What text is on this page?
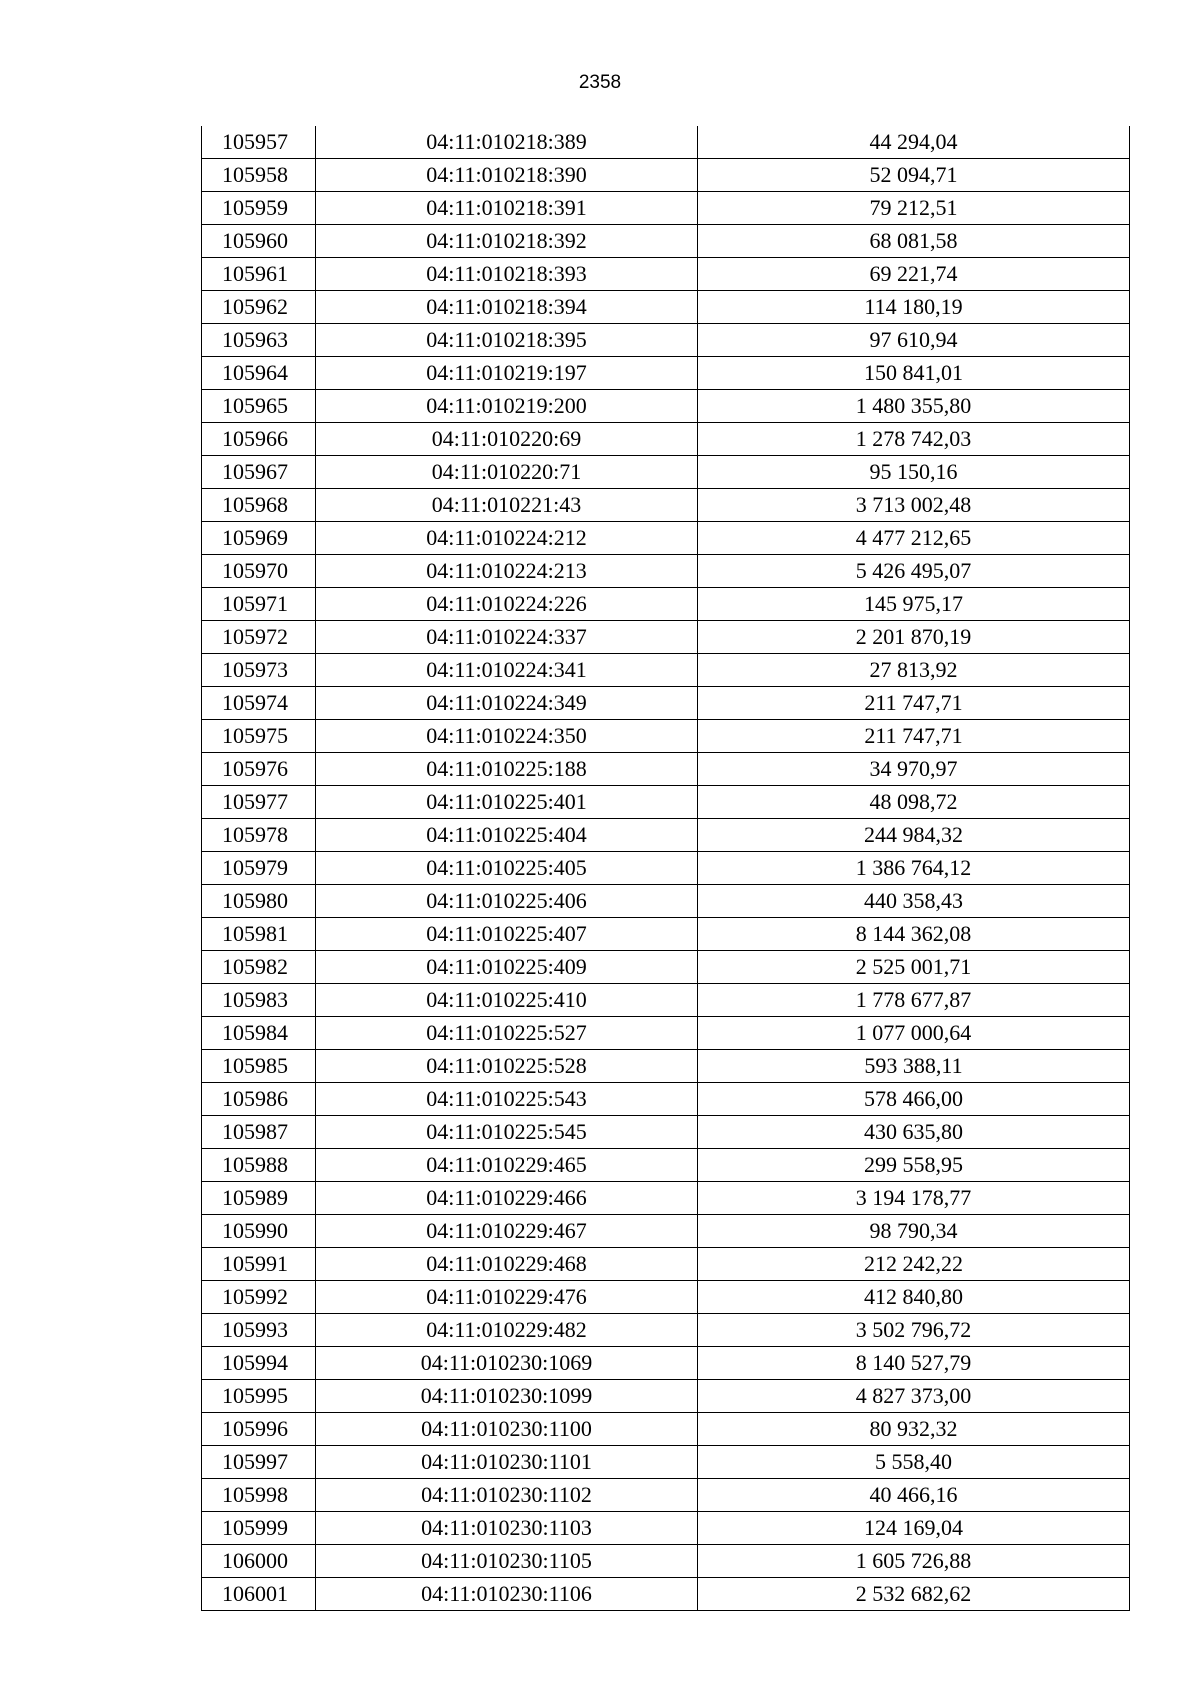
2358
105957	04:11:010218:389	44 294,04
105958	04:11:010218:390	52 094,71
105959	04:11:010218:391	79 212,51
105960	04:11:010218:392	68 081,58
105961	04:11:010218:393	69 221,74
105962	04:11:010218:394	114 180,19
105963	04:11:010218:395	97 610,94
105964	04:11:010219:197	150 841,01
105965	04:11:010219:200	1 480 355,80
105966	04:11:010220:69	1 278 742,03
105967	04:11:010220:71	95 150,16
105968	04:11:010221:43	3 713 002,48
105969	04:11:010224:212	4 477 212,65
105970	04:11:010224:213	5 426 495,07
105971	04:11:010224:226	145 975,17
105972	04:11:010224:337	2 201 870,19
105973	04:11:010224:341	27 813,92
105974	04:11:010224:349	211 747,71
105975	04:11:010224:350	211 747,71
105976	04:11:010225:188	34 970,97
105977	04:11:010225:401	48 098,72
105978	04:11:010225:404	244 984,32
105979	04:11:010225:405	1 386 764,12
105980	04:11:010225:406	440 358,43
105981	04:11:010225:407	8 144 362,08
105982	04:11:010225:409	2 525 001,71
105983	04:11:010225:410	1 778 677,87
105984	04:11:010225:527	1 077 000,64
105985	04:11:010225:528	593 388,11
105986	04:11:010225:543	578 466,00
105987	04:11:010225:545	430 635,80
105988	04:11:010229:465	299 558,95
105989	04:11:010229:466	3 194 178,77
105990	04:11:010229:467	98 790,34
105991	04:11:010229:468	212 242,22
105992	04:11:010229:476	412 840,80
105993	04:11:010229:482	3 502 796,72
105994	04:11:010230:1069	8 140 527,79
105995	04:11:010230:1099	4 827 373,00
105996	04:11:010230:1100	80 932,32
105997	04:11:010230:1101	5 558,40
105998	04:11:010230:1102	40 466,16
105999	04:11:010230:1103	124 169,04
106000	04:11:010230:1105	1 605 726,88
106001	04:11:010230:1106	2 532 682,62
